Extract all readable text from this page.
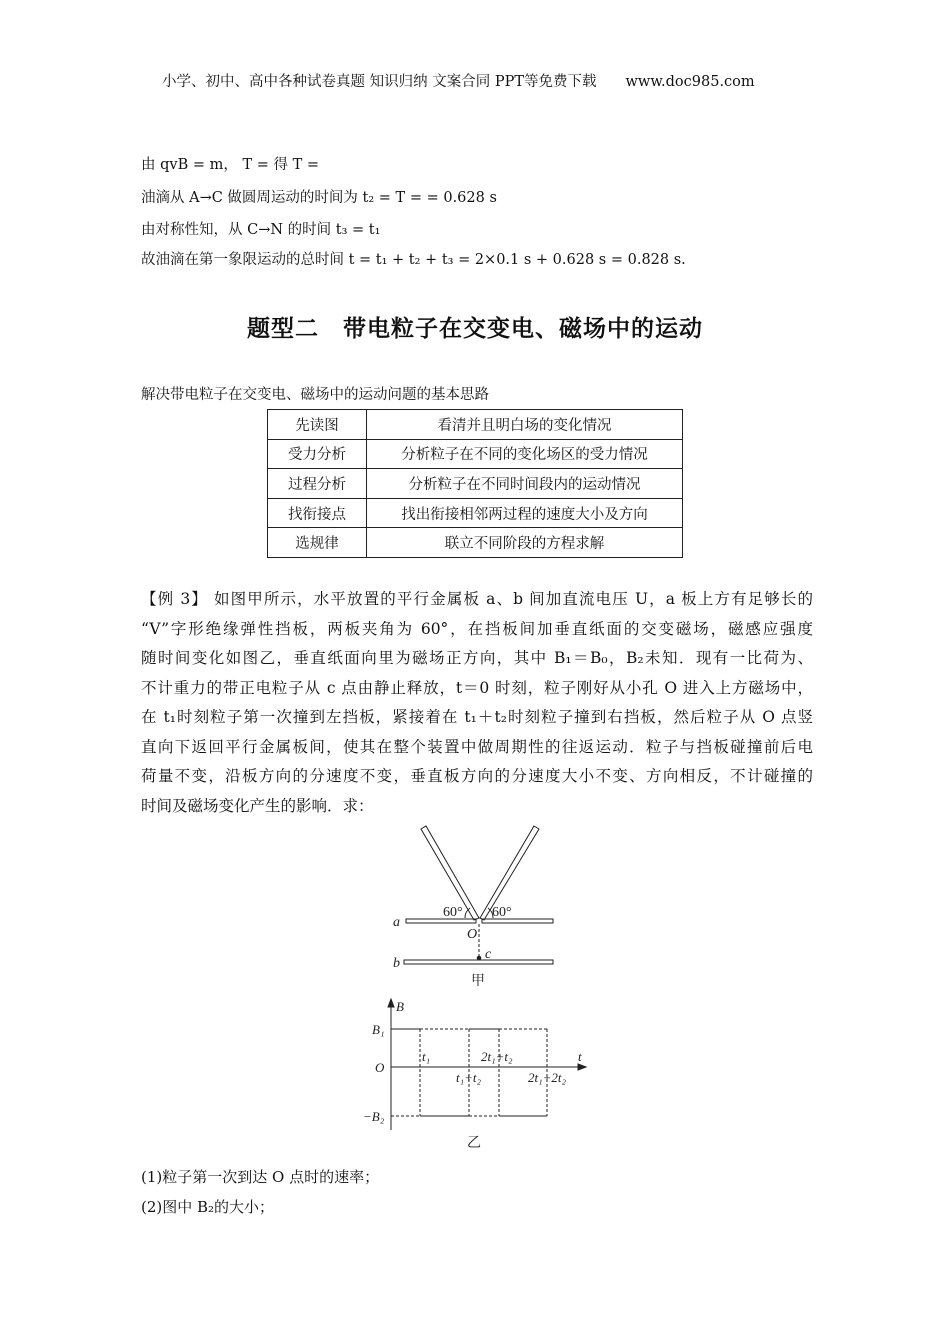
小学、初中、高中各种试卷真题 知识归纳 文案合同 PPT等免费下载　　www.doc985.com
由 qvB = m， T = 得 T =
油滴从 A→C 做圆周运动的时间为 t₂ = T = = 0.628 s
由对称性知，从 C→N 的时间 t₃ = t₁
故油滴在第一象限运动的总时间 t = t₁ + t₂ + t₃ = 2×0.1 s + 0.628 s = 0.828 s.
题型二　带电粒子在交变电、磁场中的运动
解决带电粒子在交变电、磁场中的运动问题的基本思路
先读图	看清并且明白场的变化情况
受力分析	分析粒子在不同的变化场区的受力情况
过程分析	分析粒子在不同时间段内的运动情况
找衔接点	找出衔接相邻两过程的速度大小及方向
选规律	联立不同阶段的方程求解
【例 3】 如图甲所示，水平放置的平行金属板 a、b 间加直流电压 U，a 板上方有足够长的
“V”字形绝缘弹性挡板，两板夹角为 60°，在挡板间加垂直纸面的交变磁场，磁感应强度
随时间变化如图乙，垂直纸面向里为磁场正方向，其中 B₁＝B₀，B₂未知．现有一比荷为、
不计重力的带正电粒子从 c 点由静止释放，t＝0 时刻，粒子刚好从小孔 O 进入上方磁场中，
在 t₁时刻粒子第一次撞到左挡板，紧接着在 t₁＋t₂时刻粒子撞到右挡板，然后粒子从 O 点竖
直向下返回平行金属板间，使其在整个装置中做周期性的往返运动．粒子与挡板碰撞前后电
荷量不变，沿板方向的分速度不变，垂直板方向的分速度大小不变、方向相反，不计碰撞的
时间及磁场变化产生的影响．求：
60° 60°
a
b
O
c
甲
B
t
O
B₁
−B₂
t₁
t₁+t₂
2t₁+t₂
2t₁+2t₂
乙
(1)粒子第一次到达 O 点时的速率；
(2)图中 B₂的大小；
